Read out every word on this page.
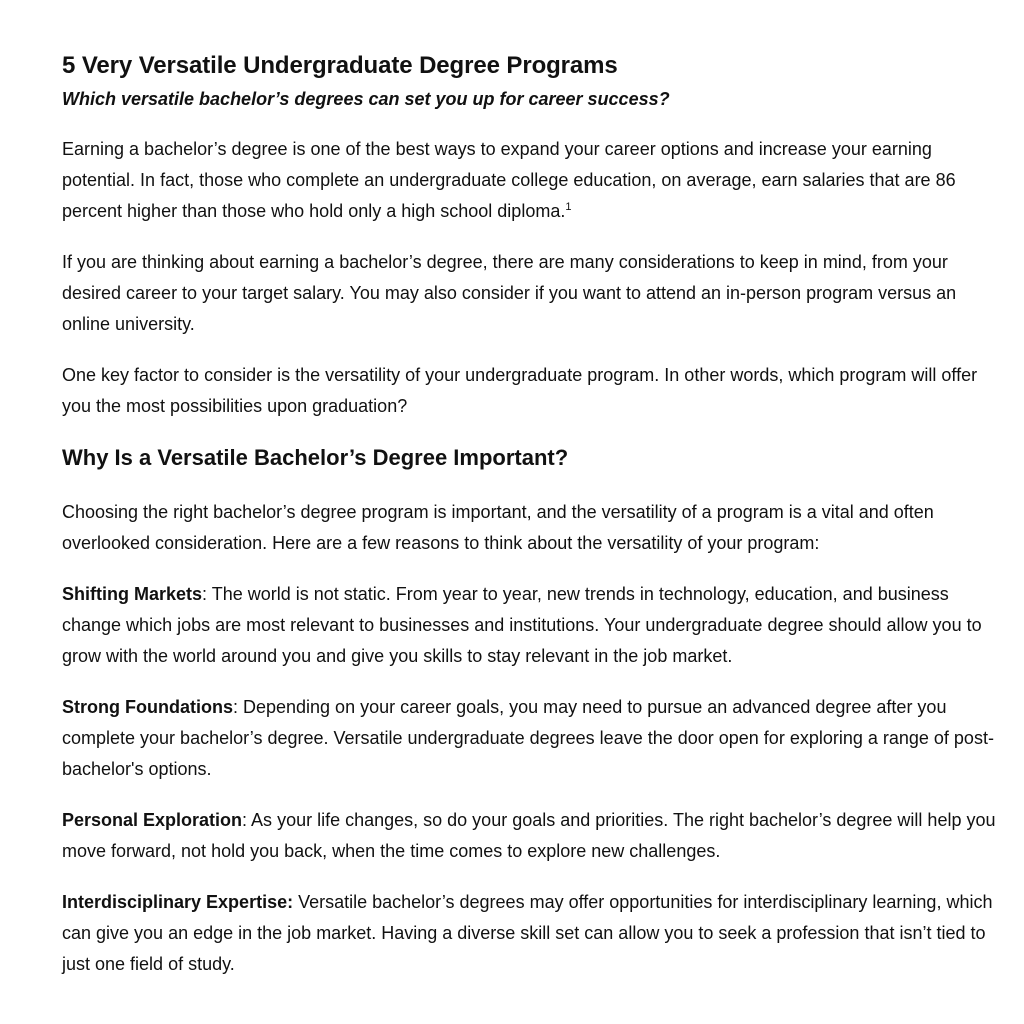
5 Very Versatile Undergraduate Degree Programs
Which versatile bachelor’s degrees can set you up for career success?

Earning a bachelor’s degree is one of the best ways to expand your career options and increase your earning potential. In fact, those who complete an undergraduate college education, on average, earn salaries that are 86 percent higher than those who hold only a high school diploma.$^1$

If you are thinking about earning a bachelor’s degree, there are many considerations to keep in mind, from your desired career to your target salary. You may also consider if you want to attend an in-person program versus an online university.

One key factor to consider is the versatility of your undergraduate program. In other words, which program will offer you the most possibilities upon graduation?

Why Is a Versatile Bachelor’s Degree Important?

Choosing the right bachelor’s degree program is important, and the versatility of a program is a vital and often overlooked consideration. Here are a few reasons to think about the versatility of your program:

Shifting Markets: The world is not static. From year to year, new trends in technology, education, and business change which jobs are most relevant to businesses and institutions. Your undergraduate degree should allow you to grow with the world around you and give you skills to stay relevant in the job market.

Strong Foundations: Depending on your career goals, you may need to pursue an advanced degree after you complete your bachelor’s degree. Versatile undergraduate degrees leave the door open for exploring a range of post-bachelor's options.

Personal Exploration: As your life changes, so do your goals and priorities. The right bachelor’s degree will help you move forward, not hold you back, when the time comes to explore new challenges.

Interdisciplinary Expertise: Versatile bachelor’s degrees may offer opportunities for interdisciplinary learning, which can give you an edge in the job market. Having a diverse skill set can allow you to seek a profession that isn’t tied to just one field of study.
